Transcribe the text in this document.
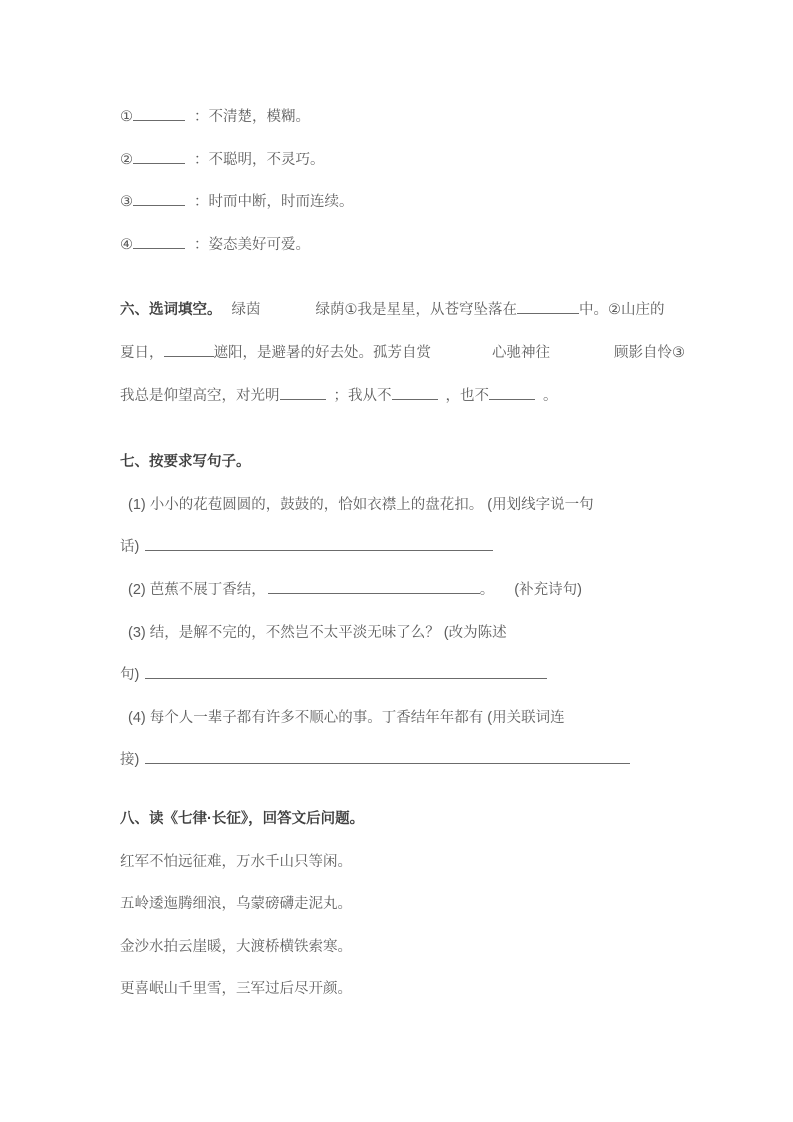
①	：不清楚，模糊。
②	：不聪明，不灵巧。
③	：时而中断，时而连续。
④	：姿态美好可爱。
六、选词填空。 绿茵	绿荫①我是星星，从苍穹坠落在	中。②山庄的
夏日，	遮阳，是避暑的好去处。孤芳自赏	心驰神往	顾影自怜③
我总是仰望高空，对光明	；我从不	，也不	。
七、按要求写句子。
(1) 小小的花苞圆圆的，鼓鼓的，恰如衣襟上的盘花扣。 (用划线字说一句
话)
(2) 芭蕉不展丁香结，	。 (补充诗句)
(3) 结，是解不完的，不然岂不太平淡无味了么？ (改为陈述
句)
(4) 每个人一辈子都有许多不顺心的事。丁香结年年都有 (用关联词连
接)
八、读《七律·长征》，回答文后问题。
红军不怕远征难，万水千山只等闲。
五岭逶迤腾细浪，乌蒙磅礴走泥丸。
金沙水拍云崖暖，大渡桥横铁索寒。
更喜岷山千里雪，三军过后尽开颜。
